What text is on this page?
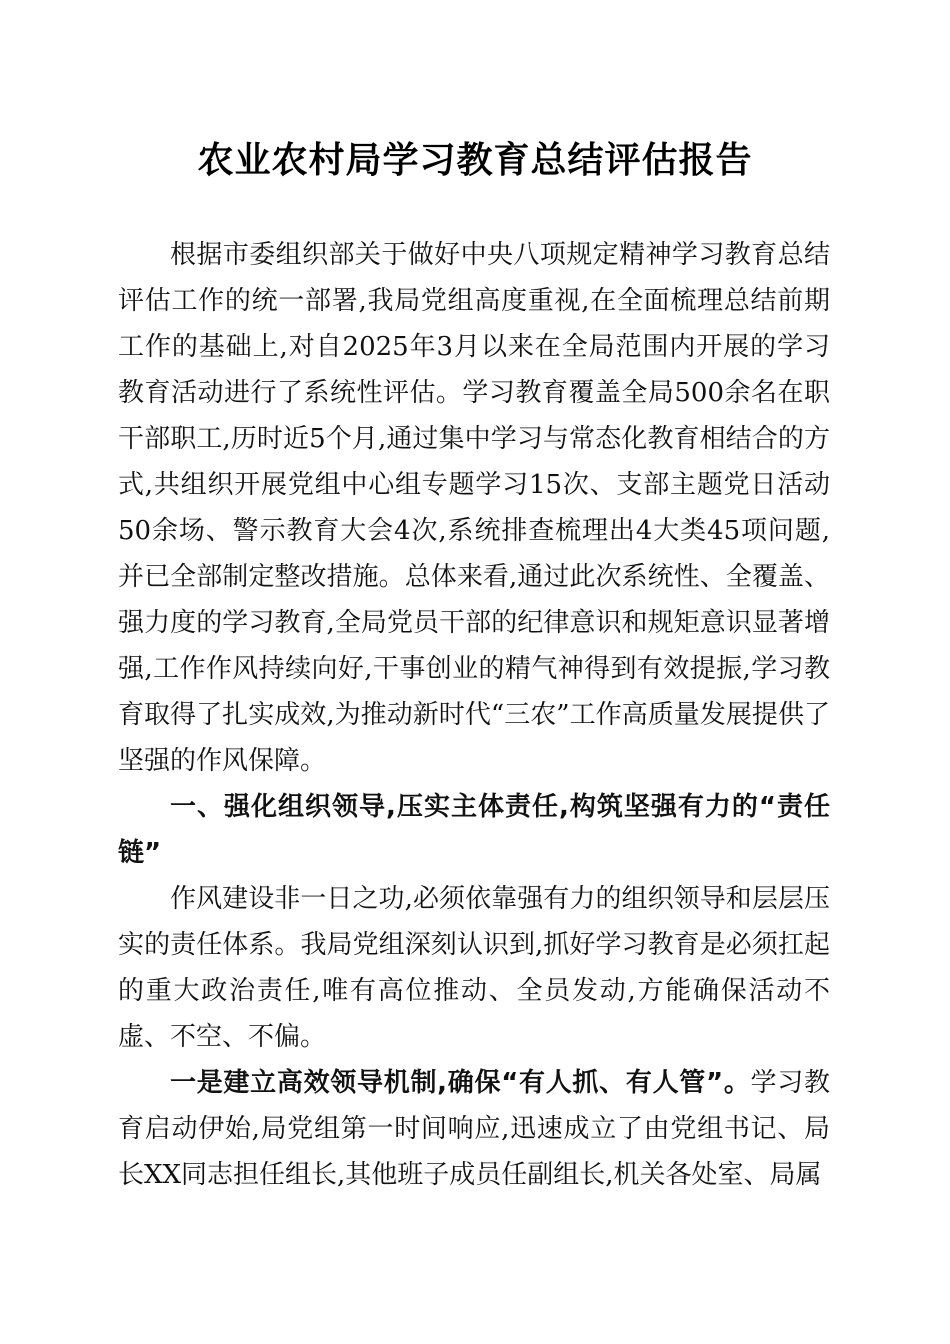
农业农村局学习教育总结评估报告

根据市委组织部关于做好中央八项规定精神学习教育总结评估工作的统一部署,我局党组高度重视,在全面梳理总结前期工作的基础上,对自2025年3月以来在全局范围内开展的学习教育活动进行了系统性评估。学习教育覆盖全局500余名在职干部职工,历时近5个月,通过集中学习与常态化教育相结合的方式,共组织开展党组中心组专题学习15次、支部主题党日活动50余场、警示教育大会4次,系统排查梳理出4大类45项问题,并已全部制定整改措施。总体来看,通过此次系统性、全覆盖、强力度的学习教育,全局党员干部的纪律意识和规矩意识显著增强,工作作风持续向好,干事创业的精气神得到有效提振,学习教育取得了扎实成效,为推动新时代“三农”工作高质量发展提供了坚强的作风保障。

一、强化组织领导,压实主体责任,构筑坚强有力的“责任链”

作风建设非一日之功,必须依靠强有力的组织领导和层层压实的责任体系。我局党组深刻认识到,抓好学习教育是必须扛起的重大政治责任,唯有高位推动、全员发动,方能确保活动不虚、不空、不偏。

一是建立高效领导机制,确保“有人抓、有人管”。学习教育启动伊始,局党组第一时间响应,迅速成立了由党组书记、局长XX同志担任组长,其他班子成员任副组长,机关各处室、局属
